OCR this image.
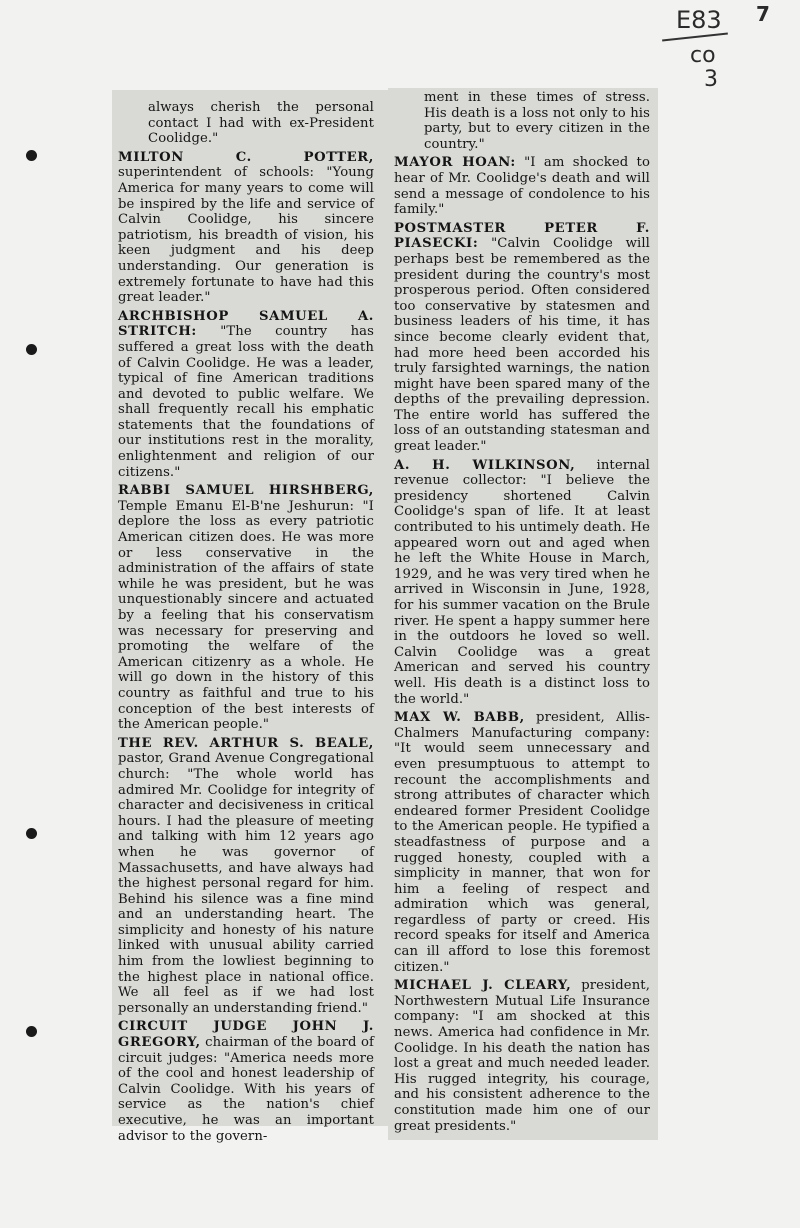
E83
co
3
7

always cherish the personal contact I had with ex-President Coolidge."

MILTON C. POTTER, superintendent of schools: "Young America for many years to come will be inspired by the life and service of Calvin Coolidge, his sincere patriotism, his breadth of vision, his keen judgment and his deep understanding. Our generation is extremely fortunate to have had this great leader."

ARCHBISHOP SAMUEL A. STRITCH: "The country has suffered a great loss with the death of Calvin Coolidge. He was a leader, typical of fine American traditions and devoted to public welfare. We shall frequently recall his emphatic statements that the foundations of our institutions rest in the morality, enlightenment and religion of our citizens."

RABBI SAMUEL HIRSHBERG, Temple Emanu El-B'ne Jeshurun: "I deplore the loss as every patriotic American citizen does. He was more or less conservative in the administration of the affairs of state while he was president, but he was unquestionably sincere and actuated by a feeling that his conservatism was necessary for preserving and promoting the welfare of the American citizenry as a whole. He will go down in the history of this country as faithful and true to his conception of the best interests of the American people."

THE REV. ARTHUR S. BEALE, pastor, Grand Avenue Congregational church: "The whole world has admired Mr. Coolidge for integrity of character and decisiveness in critical hours. I had the pleasure of meeting and talking with him 12 years ago when he was governor of Massachusetts, and have always had the highest personal regard for him. Behind his silence was a fine mind and an understanding heart. The simplicity and honesty of his nature linked with unusual ability carried him from the lowliest beginning to the highest place in national office. We all feel as if we had lost personally an understanding friend."

CIRCUIT JUDGE JOHN J. GREGORY, chairman of the board of circuit judges: "America needs more of the cool and honest leadership of Calvin Coolidge. With his years of service as the nation's chief executive, he was an important advisor to the govern-

ment in these times of stress. His death is a loss not only to his party, but to every citizen in the country."

MAYOR HOAN: "I am shocked to hear of Mr. Coolidge's death and will send a message of condolence to his family."

POSTMASTER PETER F. PIASECKI: "Calvin Coolidge will perhaps best be remembered as the president during the country's most prosperous period. Often considered too conservative by statesmen and business leaders of his time, it has since become clearly evident that, had more heed been accorded his truly farsighted warnings, the nation might have been spared many of the depths of the prevailing depression. The entire world has suffered the loss of an outstanding statesman and great leader."

A. H. WILKINSON, internal revenue collector: "I believe the presidency shortened Calvin Coolidge's span of life. It at least contributed to his untimely death. He appeared worn out and aged when he left the White House in March, 1929, and he was very tired when he arrived in Wisconsin in June, 1928, for his summer vacation on the Brule river. He spent a happy summer here in the outdoors he loved so well. Calvin Coolidge was a great American and served his country well. His death is a distinct loss to the world."

MAX W. BABB, president, Allis-Chalmers Manufacturing company: "It would seem unnecessary and even presumptuous to attempt to recount the accomplishments and strong attributes of character which endeared former President Coolidge to the American people. He typified a steadfastness of purpose and a rugged honesty, coupled with a simplicity in manner, that won for him a feeling of respect and admiration which was general, regardless of party or creed. His record speaks for itself and America can ill afford to lose this foremost citizen."

MICHAEL J. CLEARY, president, Northwestern Mutual Life Insurance company: "I am shocked at this news. America had confidence in Mr. Coolidge. In his death the nation has lost a great and much needed leader. His rugged integrity, his courage, and his consistent adherence to the constitution made him one of our great presidents."
